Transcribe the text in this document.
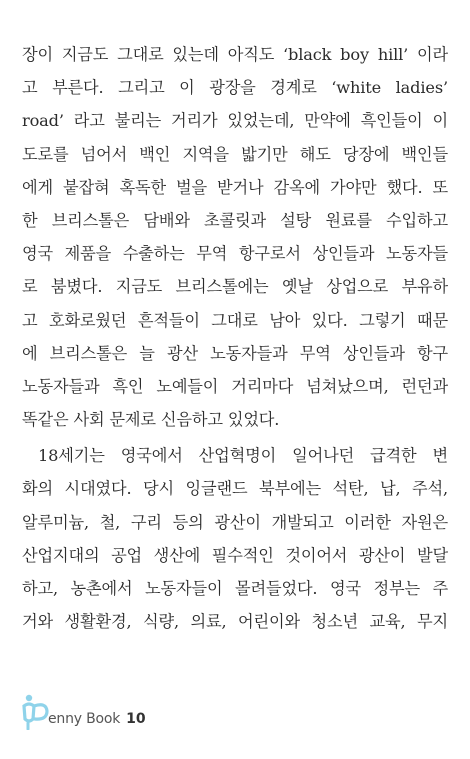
장이 지금도 그대로 있는데 아직도 ‘black boy hill’ 이라

고 부른다. 그리고 이 광장을 경계로 ‘white ladies’

road’ 라고 불리는 거리가 있었는데, 만약에 흑인들이 이

도로를 넘어서 백인 지역을 밟기만 해도 당장에 백인들

에게 붙잡혀 혹독한 벌을 받거나 감옥에 가야만 했다. 또

한 브리스톨은 담배와 초콜릿과 설탕 원료를 수입하고

영국 제품을 수출하는 무역 항구로서 상인들과 노동자들

로 붐볐다. 지금도 브리스톨에는 옛날 상업으로 부유하

고 호화로웠던 흔적들이 그대로 남아 있다. 그렇기 때문

에 브리스톨은 늘 광산 노동자들과 무역 상인들과 항구

노동자들과 흑인 노예들이 거리마다 넘쳐났으며, 런던과

똑같은 사회 문제로 신음하고 있었다.

18세기는 영국에서 산업혁명이 일어나던 급격한 변

화의 시대였다. 당시 잉글랜드 북부에는 석탄, 납, 주석,

알루미늄, 철, 구리 등의 광산이 개발되고 이러한 자원은

산업지대의 공업 생산에 필수적인 것이어서 광산이 발달

하고, 농촌에서 노동자들이 몰려들었다. 영국 정부는 주

거와 생활환경, 식량, 의료, 어린이와 청소년 교육, 무지

enny Book 10
